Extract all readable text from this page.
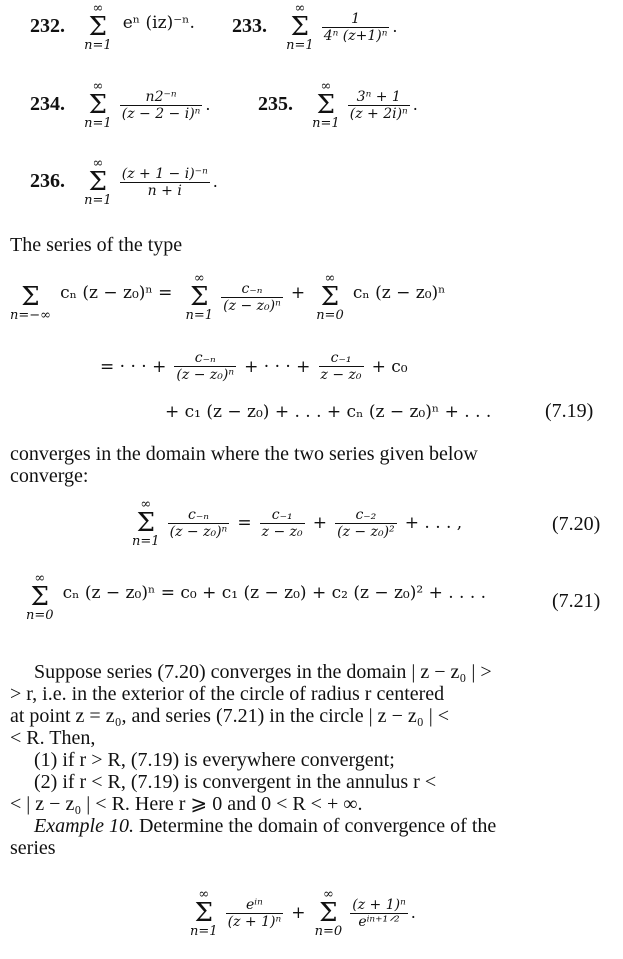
232.
∞
Σ
n=1
eⁿ (iz)⁻ⁿ. 233.
∞
Σ
n=1

$\frac{1}{\text{4ⁿ (z+1)ⁿ}}$ .
234.
∞
Σ
n=1

$\frac{\text{n2⁻ⁿ}}{\text{(z − 2 − i)ⁿ}}$ . 235.
∞
Σ
n=1

$\frac{\text{3ⁿ + 1}}{\text{(z + 2i)ⁿ}}$ .
236.
∞
Σ
n=1

$\frac{\text{(z + 1 − i)⁻ⁿ}}{n + i}$ .
The series of the type

Σ
n=−∞
cₙ (z − z₀)ⁿ =
∞
Σ
n=1

$\frac{\text{c₋ₙ}}{\text{(z − z₀)ⁿ}}$ +
∞
Σ
n=0
cₙ (z − z₀)ⁿ
= · · · + $\frac{\text{c₋ₙ}}{\text{(z − z₀)ⁿ}}$ + · · · + $\frac{\text{c₋₁}}{\text{z − z₀}} + c_0$
+ c₁ (z − z₀) + . . . + cₙ (z − z₀)ⁿ + . . .	(7.19)
converges in the domain where the two series given below
converge:
∞
Σ
n=1

$\frac{\text{c₋ₙ}}{\text{(z − z₀)ⁿ}} = \frac{\text{c₋₁}}{\text{z − z₀}} + \frac{\text{c₋₂}}{\text{(z − z₀)²}}$ + . . . ,	(7.20)
∞
Σ
n=0
cₙ (z − z₀)ⁿ = c₀ + c₁ (z − z₀) + c₂ (z − z₀)² + . . . .	(7.21)
Suppose series (7.20) converges in the domain | z − z₀ | >
> r, i.e. in the exterior of the circle of radius r centered
at point z = z₀, and series (7.21) in the circle | z − z₀ | <
< R. Then,
(1) if r > R, (7.19) is everywhere convergent;
(2) if r < R, (7.19) is convergent in the annulus r <
< | z − z₀ | < R. Here r ⩾ 0 and 0 < R < + ∞.
Example 10. Determine the domain of convergence of the
series
∞
Σ
n=1

$\frac{\text{eⁱⁿ}}{\text{(z + 1)ⁿ}}$ +
∞
Σ
n=0

$\frac{\text{(z + 1)ⁿ}}{\text{eⁱⁿ⁺¹ᐟ²}}$ .
